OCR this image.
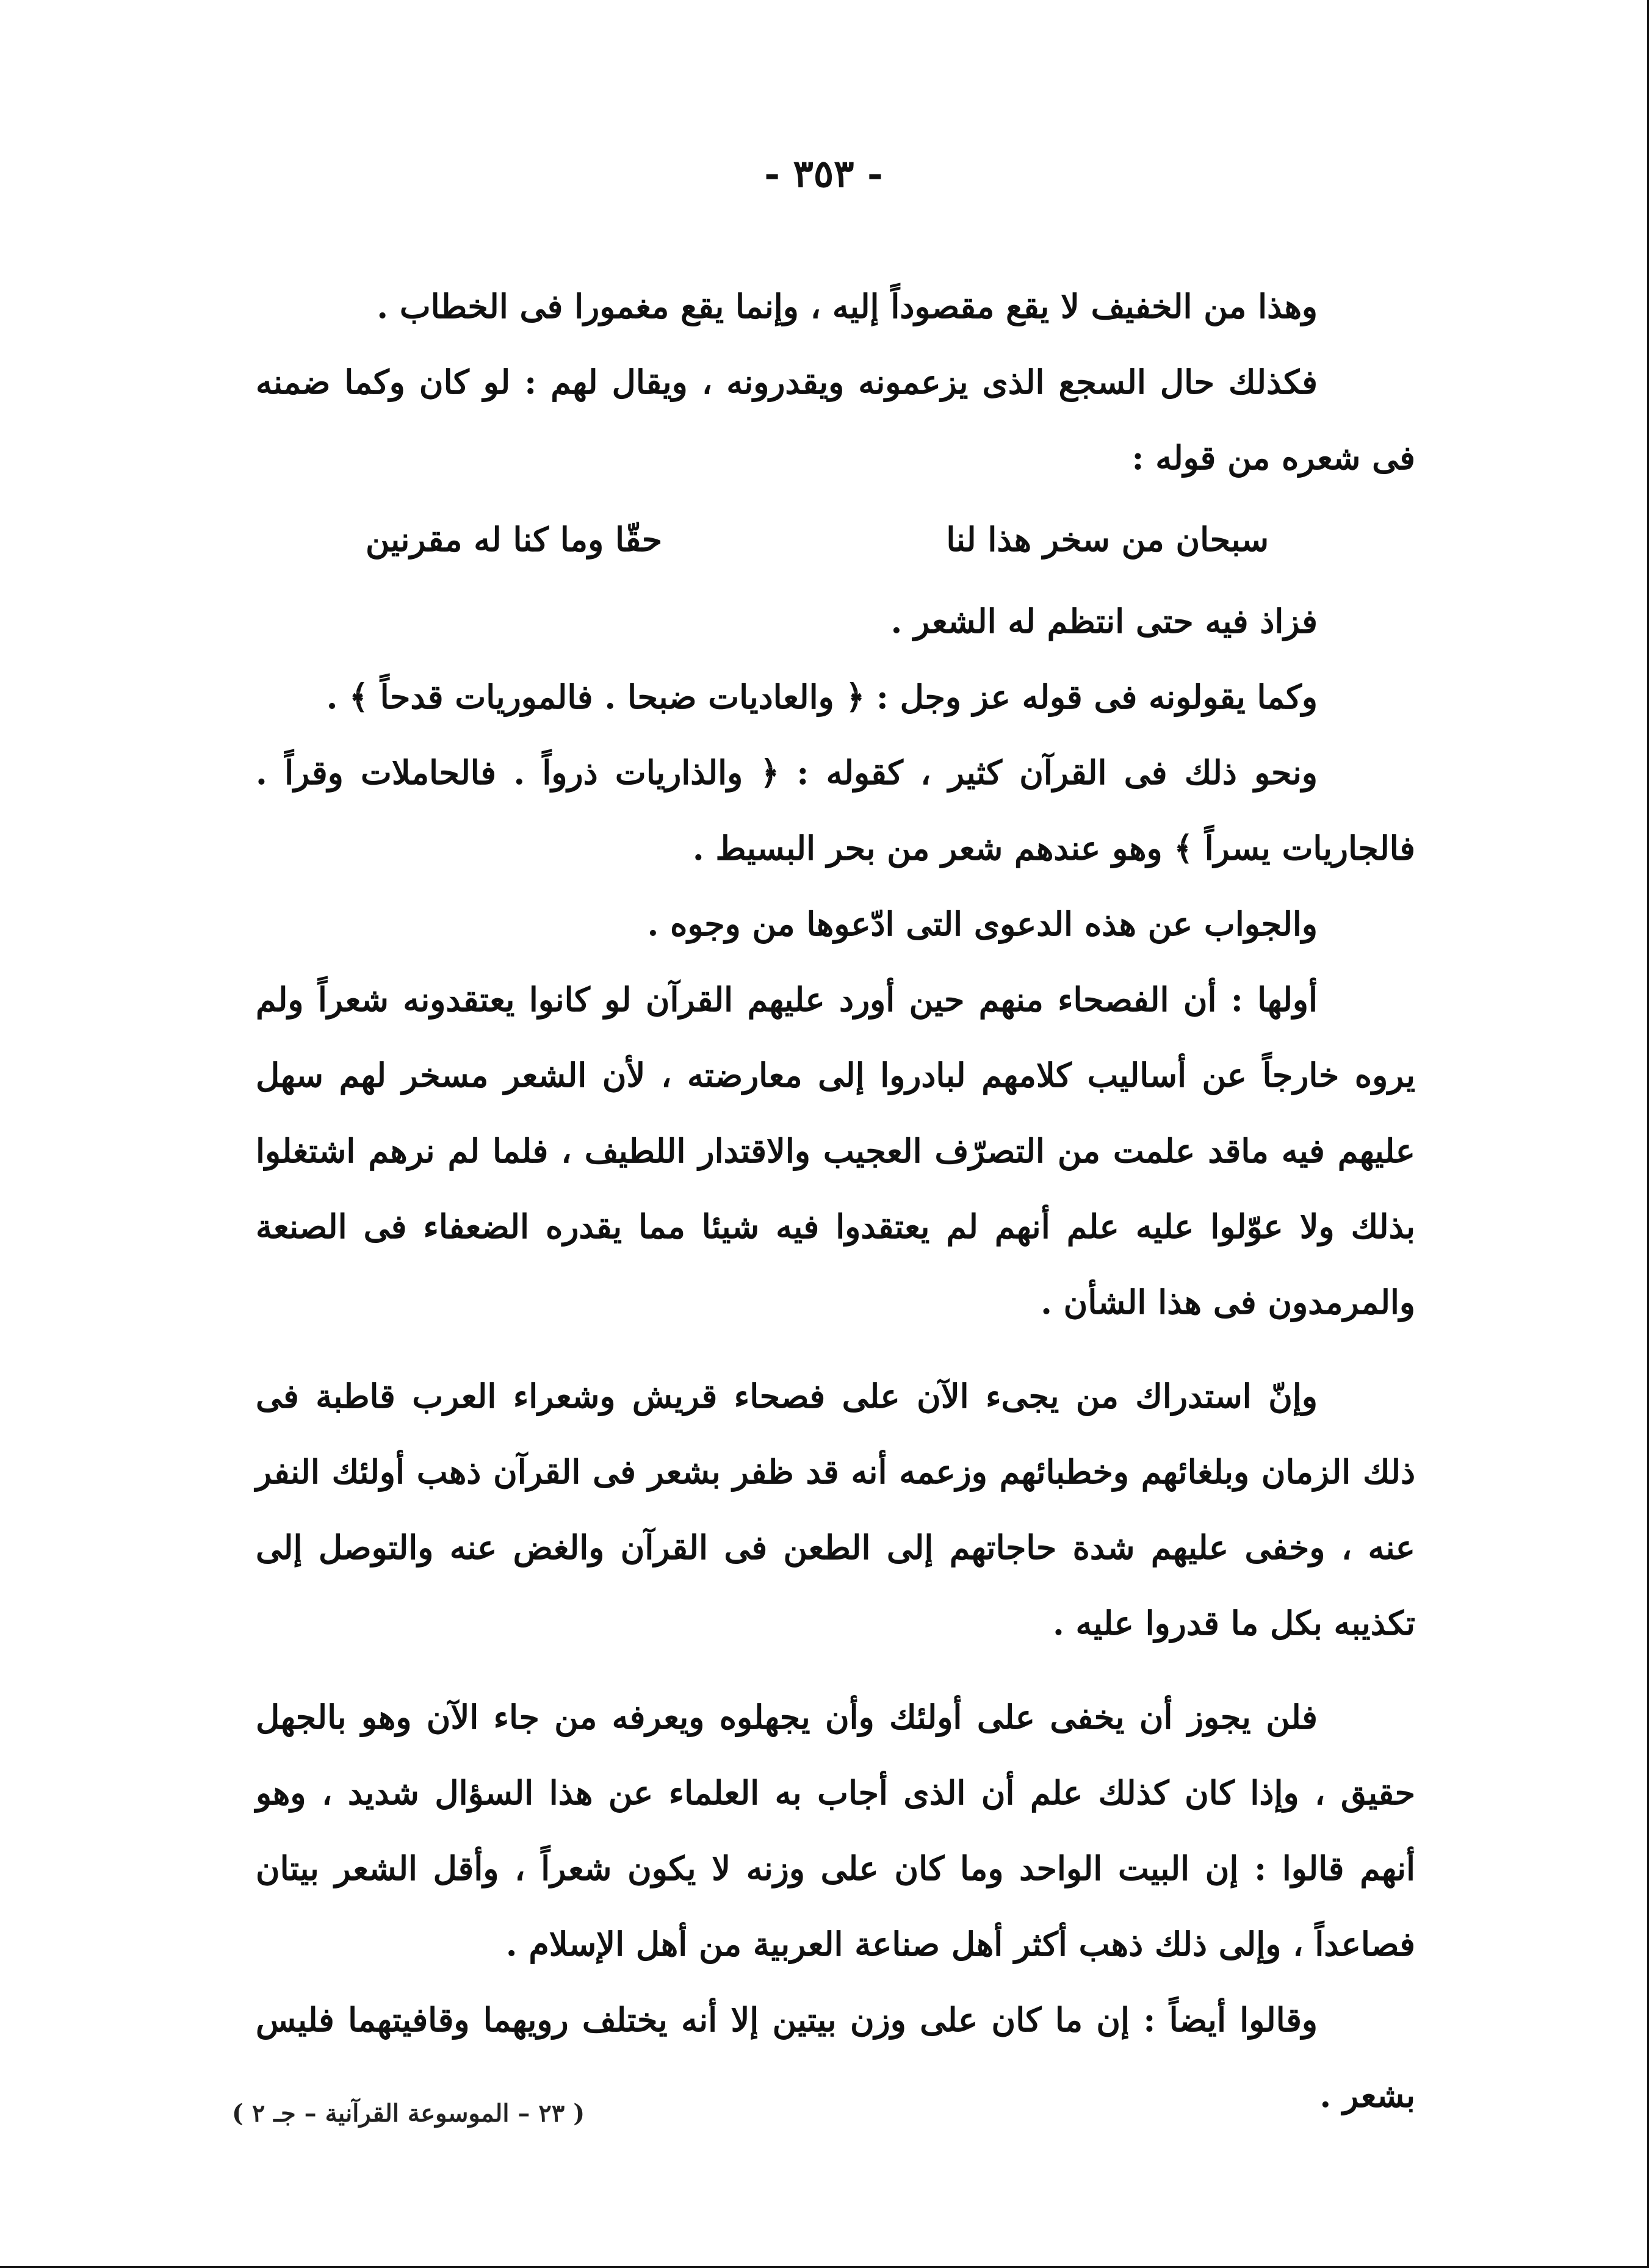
- ٣٥٣ -

وهذا من الخفيف لا يقع مقصوداً إليه ، وإنما يقع مغمورا فى الخطاب .

فكذلك حال السجع الذى يزعمونه ويقدرونه ، ويقال لهم : لو كان وكما ضمنه فى شعره من قوله :

سبحان من سخر هذا لنا
حقّا وما كنا له مقرنين

فزاذ فيه حتى انتظم له الشعر .

وكما يقولونه فى قوله عز وجل : ﴿ والعاديات ضبحا . فالموريات قدحاً ﴾ .

ونحو ذلك فى القرآن كثير ، كقوله : ﴿ والذاريات ذرواً . فالحاملات وقراً . فالجاريات يسراً ﴾ وهو عندهم شعر من بحر البسيط .

والجواب عن هذه الدعوى التى ادّعوها من وجوه .

أولها : أن الفصحاء منهم حين أورد عليهم القرآن لو كانوا يعتقدونه شعراً ولم يروه خارجاً عن أساليب كلامهم لبادروا إلى معارضته ، لأن الشعر مسخر لهم سهل عليهم فيه ماقد علمت من التصرّف العجيب والاقتدار اللطيف ، فلما لم نرهم اشتغلوا بذلك ولا عوّلوا عليه علم أنهم لم يعتقدوا فيه شيئا مما يقدره الضعفاء فى الصنعة والمرمدون فى هذا الشأن .

وإنّ استدراك من يجىء الآن على فصحاء قريش وشعراء العرب قاطبة فى ذلك الزمان وبلغائهم وخطبائهم وزعمه أنه قد ظفر بشعر فى القرآن ذهب أولئك النفر عنه ، وخفى عليهم شدة حاجاتهم إلى الطعن فى القرآن والغض عنه والتوصل إلى تكذيبه بكل ما قدروا عليه .

فلن يجوز أن يخفى على أولئك وأن يجهلوه ويعرفه من جاء الآن وهو بالجهل حقيق ، وإذا كان كذلك علم أن الذى أجاب به العلماء عن هذا السؤال شديد ، وهو أنهم قالوا : إن البيت الواحد وما كان على وزنه لا يكون شعراً ، وأقل الشعر بيتان فصاعداً ، وإلى ذلك ذهب أكثر أهل صناعة العربية من أهل الإسلام .

وقالوا أيضاً : إن ما كان على وزن بيتين إلا أنه يختلف رويهما وقافيتهما فليس بشعر .

( ٢٣ – الموسوعة القرآنية – جـ ٢ )
